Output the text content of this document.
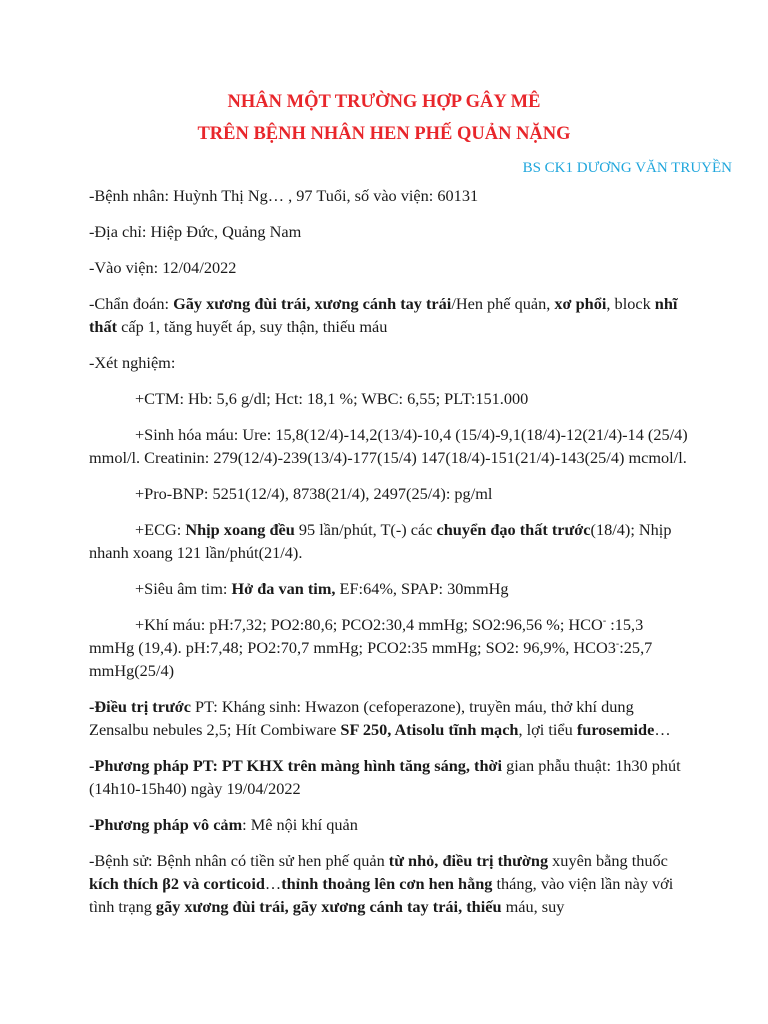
NHÂN MỘT TRƯỜNG HỢP GÂY MÊ
TRÊN BỆNH NHÂN HEN PHẾ QUẢN NẶNG
BS CK1 DƯƠNG VĂN TRUYỀN

-Bệnh nhân: Huỳnh Thị Ng… , 97 Tuổi, số vào viện: 60131

-Địa chỉ: Hiệp Đức, Quảng Nam

-Vào viện: 12/04/2022

-Chẩn đoán: Gãy xương đùi trái, xương cánh tay trái/Hen phế quản, xơ phổi, block nhĩ thất cấp 1, tăng huyết áp, suy thận, thiếu máu

-Xét nghiệm:

+CTM: Hb: 5,6 g/dl; Hct: 18,1 %; WBC: 6,55; PLT:151.000

+Sinh hóa máu: Ure: 15,8(12/4)-14,2(13/4)-10,4 (15/4)-9,1(18/4)-12(21/4)-14 (25/4) mmol/l. Creatinin: 279(12/4)-239(13/4)-177(15/4) 147(18/4)-151(21/4)-143(25/4) mcmol/l.

+Pro-BNP: 5251(12/4), 8738(21/4), 2497(25/4): pg/ml

+ECG: Nhịp xoang đều 95 lần/phút, T(-) các chuyển đạo thất trước(18/4); Nhịp nhanh xoang 121 lần/phút(21/4).

+Siêu âm tim: Hở đa van tim, EF:64%, SPAP: 30mmHg

+Khí máu: pH:7,32; PO2:80,6; PCO2:30,4 mmHg; SO2:96,56 %; HCO- :15,3 mmHg (19,4). pH:7,48; PO2:70,7 mmHg; PCO2:35 mmHg; SO2: 96,9%, HCO3-:25,7 mmHg(25/4)

-Điều trị trước PT: Kháng sinh: Hwazon (cefoperazone), truyền máu, thở khí dung Zensalbu nebules 2,5; Hít Combiware SF 250, Atisolu tĩnh mạch, lợi tiểu furosemide…

-Phương pháp PT: PT KHX trên màng hình tăng sáng, thời gian phẫu thuật: 1h30 phút (14h10-15h40) ngày 19/04/2022

-Phương pháp vô cảm: Mê nội khí quản

-Bệnh sử: Bệnh nhân có tiền sử hen phế quản từ nhỏ, điều trị thường xuyên bằng thuốc kích thích β2 và corticoid…thỉnh thoảng lên cơn hen hằng tháng, vào viện lần này với tình trạng gãy xương đùi trái, gãy xương cánh tay trái, thiếu máu, suy
